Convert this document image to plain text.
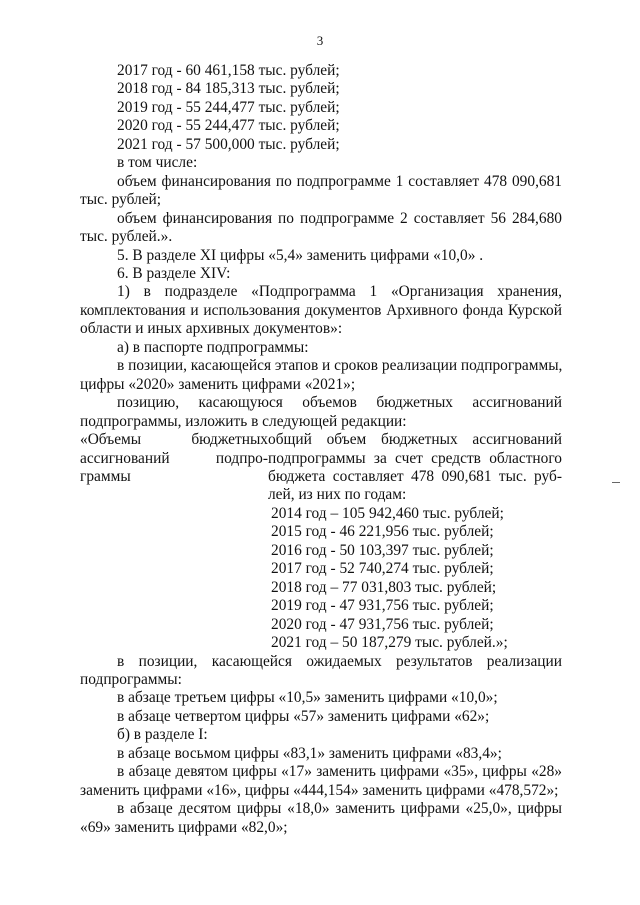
3
2017 год - 60 461,158 тыс. рублей;
2018 год - 84 185,313 тыс. рублей;
2019 год - 55 244,477 тыс. рублей;
2020 год - 55 244,477 тыс. рублей;
2021 год - 57 500,000 тыс. рублей;
в том числе:
объем финансирования по подпрограмме 1 составляет 478 090,681
тыс. рублей;
объем финансирования по подпрограмме 2 составляет 56 284,680
тыс. рублей.».
5. В разделе XI цифры «5,4» заменить цифрами «10,0» .
6. В разделе XIV:
1) в подразделе «Подпрограмма 1 «Организация хранения,
комплектования и использования документов Архивного фонда Курской
области и иных архивных документов»:
а) в паспорте подпрограммы:
в позиции, касающейся этапов и сроков реализации подпрограммы,
цифры «2020» заменить цифрами «2021»;
позицию, касающуюся объемов бюджетных ассигнований
подпрограммы, изложить в следующей редакции:
«Объемы бюджетных
ассигнований подпро-
граммы
общий объем бюджетных ассигнований
подпрограммы за счет средств областного
бюджета составляет 478 090,681 тыс. руб-
лей, из них по годам:
2014 год – 105 942,460 тыс. рублей;
2015 год - 46 221,956 тыс. рублей;
2016 год - 50 103,397 тыс. рублей;
2017 год - 52 740,274 тыс. рублей;
2018 год – 77 031,803 тыс. рублей;
2019 год - 47 931,756 тыс. рублей;
2020 год - 47 931,756 тыс. рублей;
2021 год – 50 187,279 тыс. рублей.»;
в позиции, касающейся ожидаемых результатов реализации
подпрограммы:
в абзаце третьем цифры «10,5» заменить цифрами «10,0»;
в абзаце четвертом цифры «57» заменить цифрами «62»;
б) в разделе I:
в абзаце восьмом цифры «83,1» заменить цифрами «83,4»;
в абзаце девятом цифры «17» заменить цифрами «35», цифры «28»
заменить цифрами «16», цифры «444,154» заменить цифрами «478,572»;
в абзаце десятом цифры «18,0» заменить цифрами «25,0», цифры
«69» заменить цифрами «82,0»;
